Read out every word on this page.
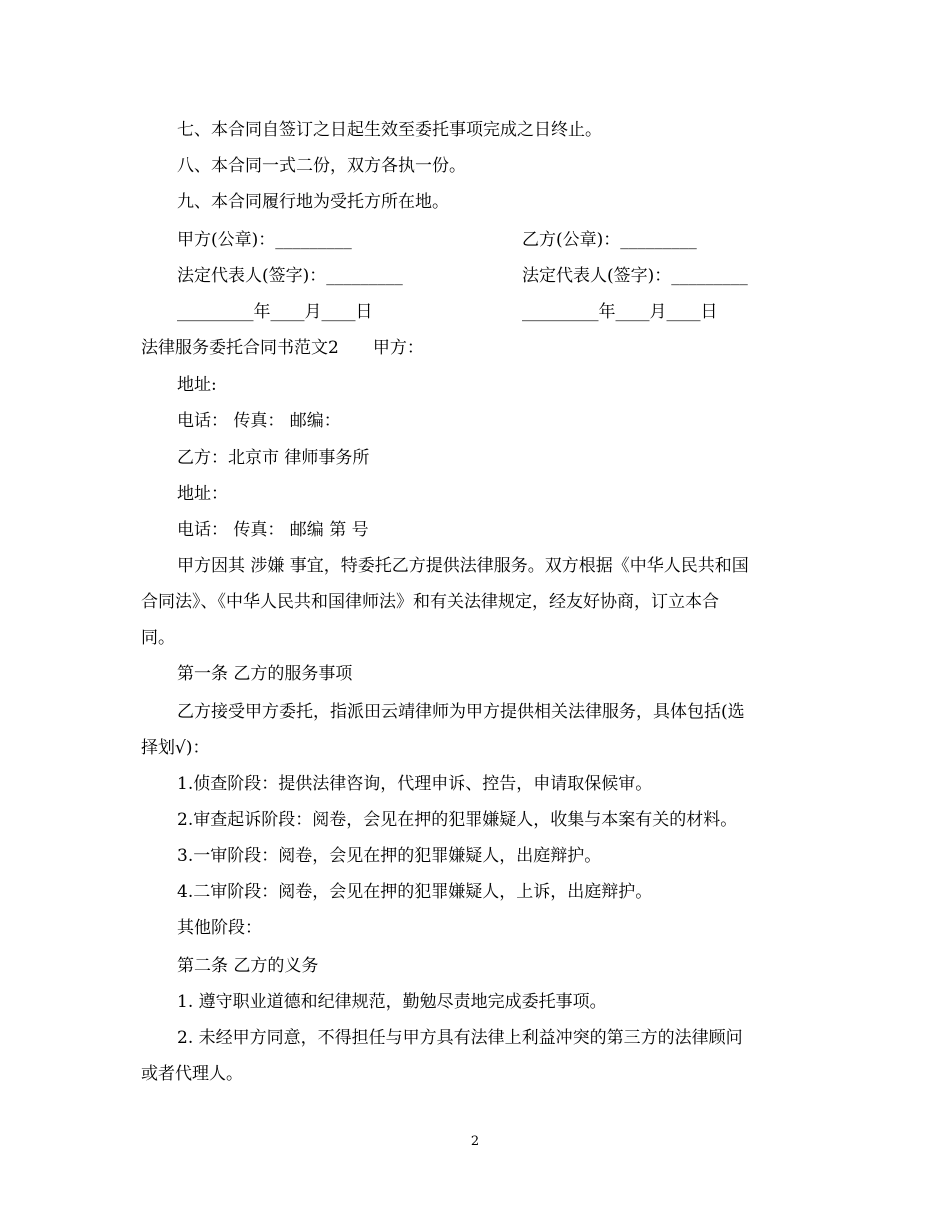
七、本合同自签订之日起生效至委托事项完成之日终止。
八、本合同一式二份，双方各执一份。
九、本合同履行地为受托方所在地。
甲方(公章)：_________	乙方(公章)：_________
法定代表人(签字)：_________	法定代表人(签字)：_________
_________年____月____日	_________年____月____日
法律服务委托合同书范文2　　甲方：
地址:
电话： 传真： 邮编：
乙方：北京市 律师事务所
地址：
电话： 传真： 邮编 第 号
甲方因其 涉嫌 事宜，特委托乙方提供法律服务。双方根据《中华人民共和国
合同法》、《中华人民共和国律师法》和有关法律规定，经友好协商，订立本合
同。
第一条 乙方的服务事项
乙方接受甲方委托，指派田云靖律师为甲方提供相关法律服务，具体包括(选
择划√)：
1.侦查阶段：提供法律咨询，代理申诉、控告，申请取保候审。
2.审查起诉阶段：阅卷，会见在押的犯罪嫌疑人，收集与本案有关的材料。
3.一审阶段：阅卷，会见在押的犯罪嫌疑人，出庭辩护。
4.二审阶段：阅卷，会见在押的犯罪嫌疑人，上诉，出庭辩护。
其他阶段：
第二条 乙方的义务
1. 遵守职业道德和纪律规范，勤勉尽责地完成委托事项。
2. 未经甲方同意，不得担任与甲方具有法律上利益冲突的第三方的法律顾问
或者代理人。
2
